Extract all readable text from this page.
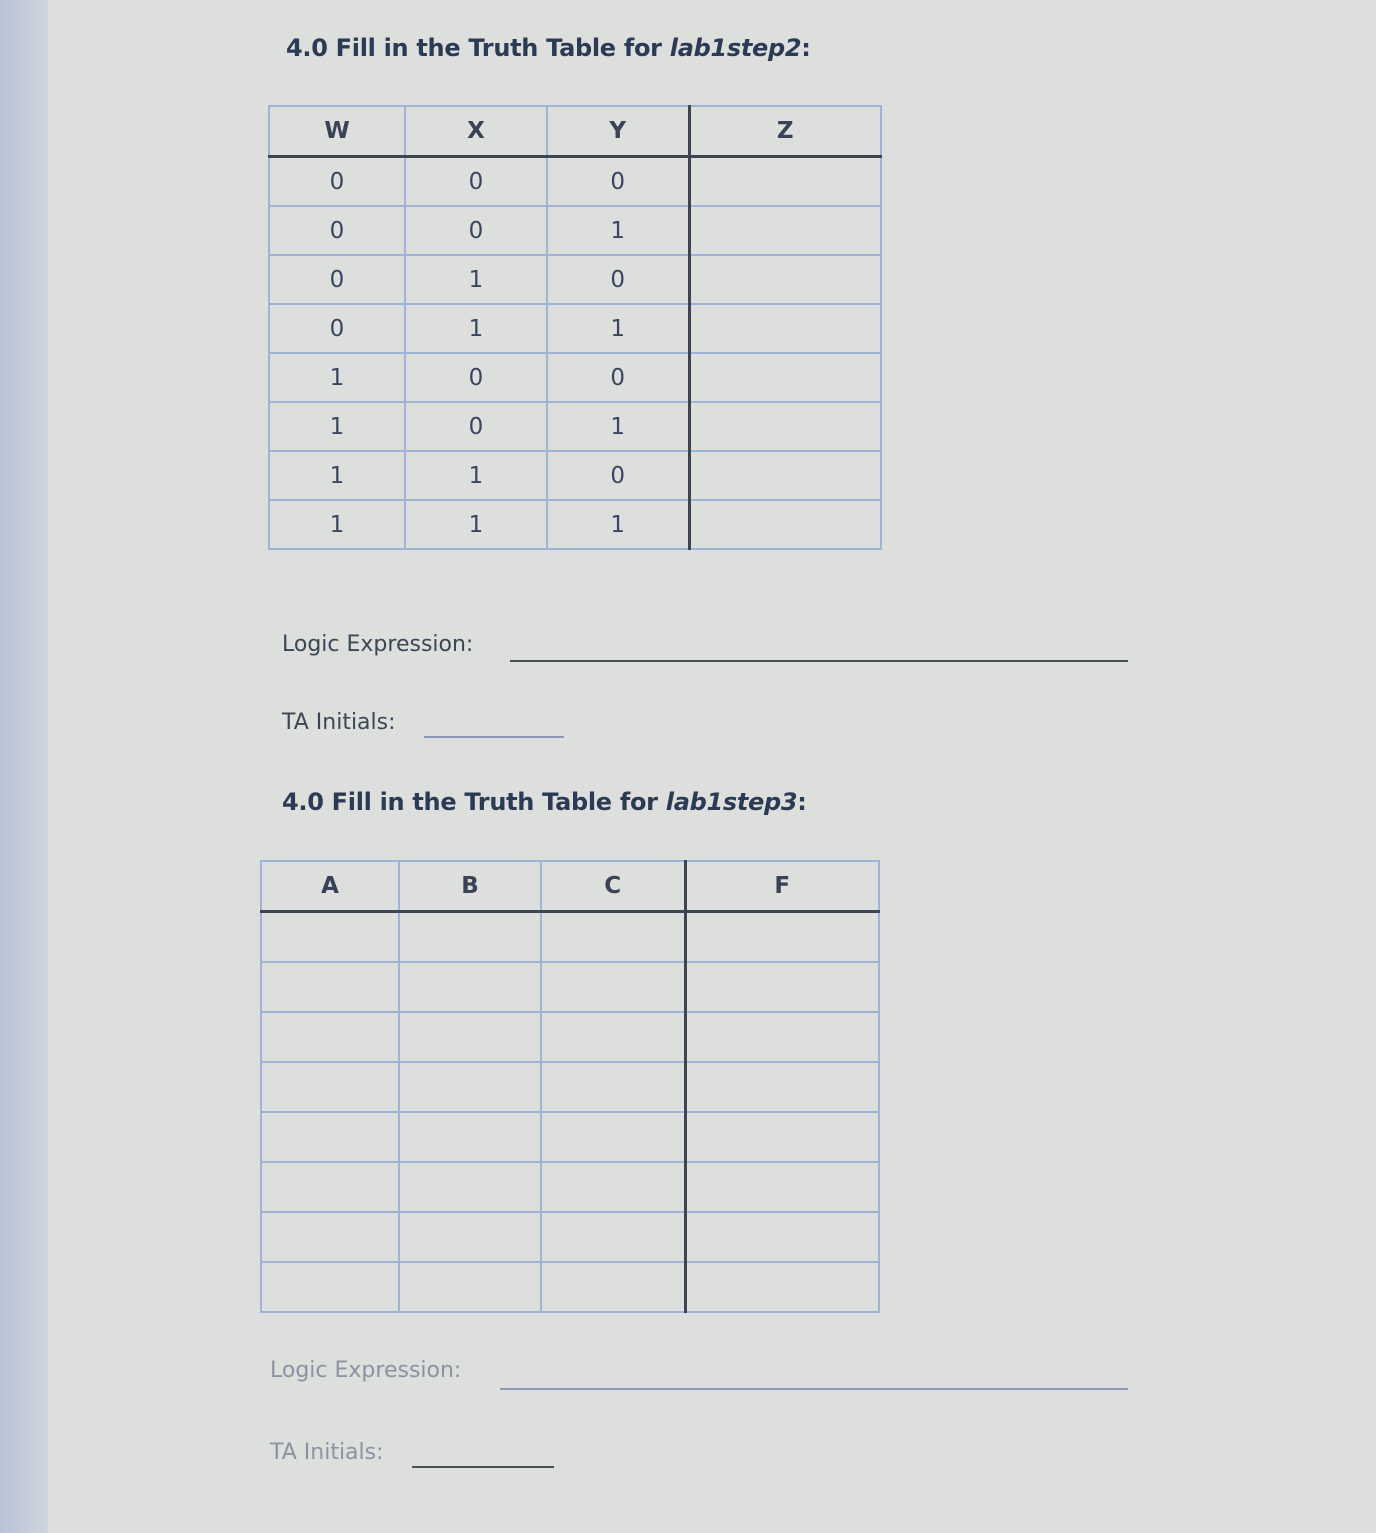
4.0 Fill in the Truth Table for lab1step2:
W	X	Y	Z
0	0	0	
0	0	1	
0	1	0	
0	1	1	
1	0	0	
1	0	1	
1	1	0	
1	1	1	
Logic Expression:
TA Initials:
4.0 Fill in the Truth Table for lab1step3:
A	B	C	F

Logic Expression:
TA Initials:
